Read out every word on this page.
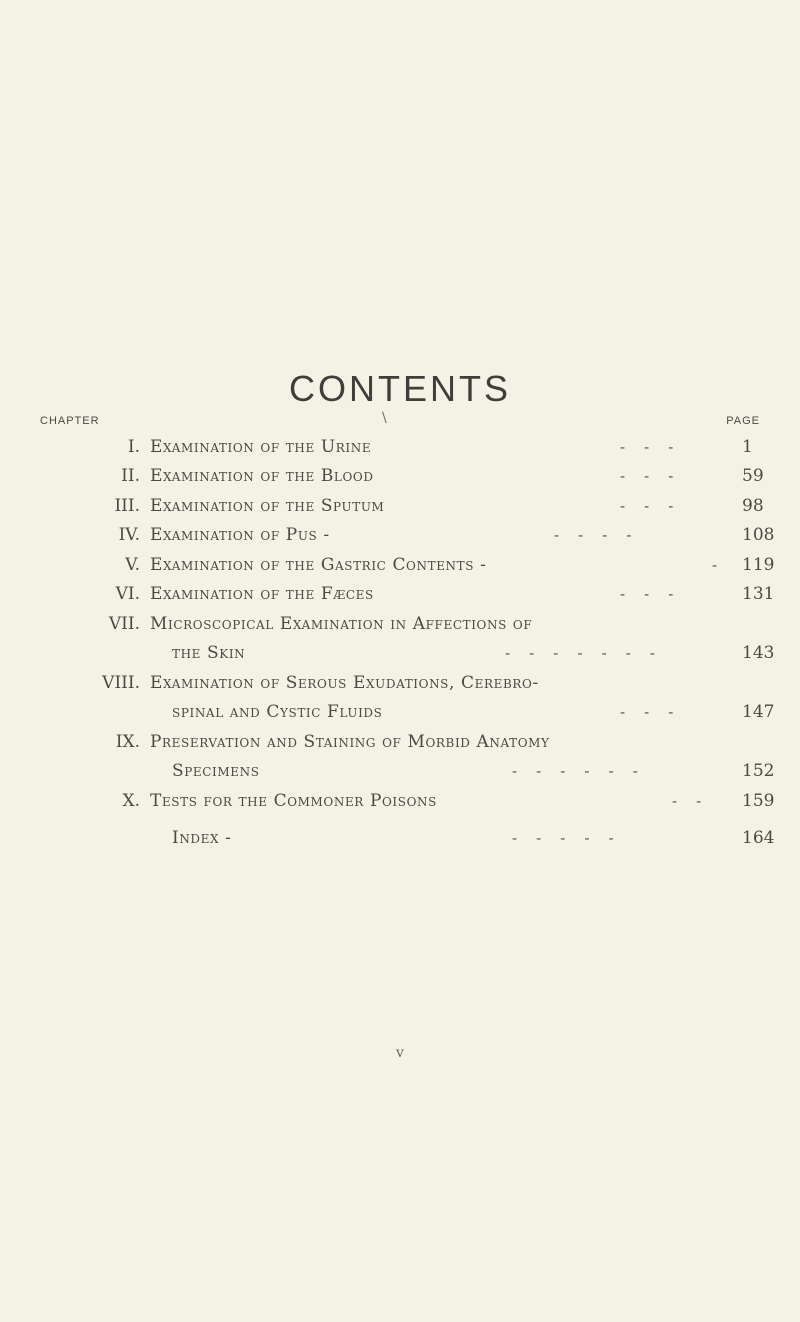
CONTENTS
CHAPTER	\	PAGE
I. Examination of the Urine	-    -    -	1
II. Examination of the Blood	-    -    -	59
III. Examination of the Sputum	-    -    -	98
IV. Examination of Pus -	-    -    -    -	108
V. Examination of the Gastric Contents -	- 119
VI. Examination of the Fæces	-    -    -	131
VII. Microscopical Examination in Affections of
the Skin	-    -    -    -    -    -    -	143
VIII. Examination of Serous Exudations, Cerebro-
spinal and Cystic Fluids	-    -    -	147
IX. Preservation and Staining of Morbid Anatomy
Specimens	-    -    -    -    -    -	152
X. Tests for the Commoner Poisons	-    - 159
Index -	-    -    -    -    -	164
v
